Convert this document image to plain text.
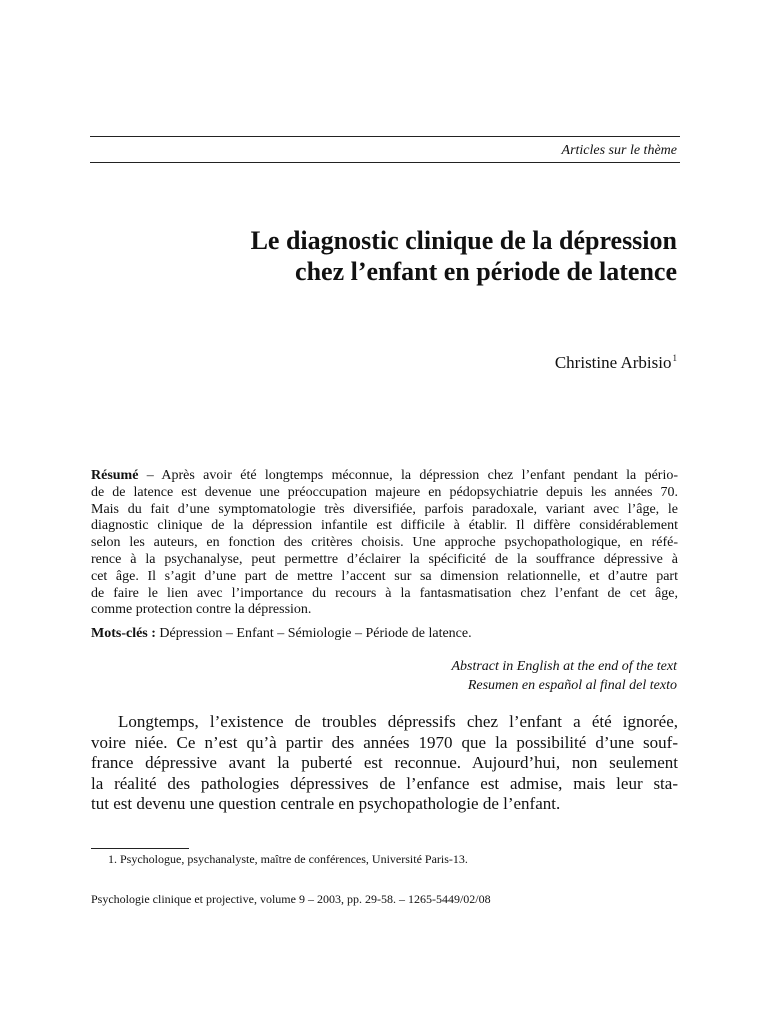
Articles sur le thème
Le diagnostic clinique de la dépression
chez l’enfant en période de latence
Christine Arbisio$^1$
Résumé – Après avoir été longtemps méconnue, la dépression chez l’enfant pendant la pério-
de de latence est devenue une préoccupation majeure en pédopsychiatrie depuis les années 70.
Mais du fait d’une symptomatologie très diversifiée, parfois paradoxale, variant avec l’âge, le
diagnostic clinique de la dépression infantile est difficile à établir. Il diffère considérablement
selon les auteurs, en fonction des critères choisis. Une approche psychopathologique, en réfé-
rence à la psychanalyse, peut permettre d’éclairer la spécificité de la souffrance dépressive à
cet âge. Il s’agit d’une part de mettre l’accent sur sa dimension relationnelle, et d’autre part
de faire le lien avec l’importance du recours à la fantasmatisation chez l’enfant de cet âge,
comme protection contre la dépression.
Mots-clés : Dépression – Enfant – Sémiologie – Période de latence.
Abstract in English at the end of the text
Resumen en español al final del texto
Longtemps, l’existence de troubles dépressifs chez l’enfant a été ignorée,
voire niée. Ce n’est qu’à partir des années 1970 que la possibilité d’une souf-
france dépressive avant la puberté est reconnue. Aujourd’hui, non seulement
la réalité des pathologies dépressives de l’enfance est admise, mais leur sta-
tut est devenu une question centrale en psychopathologie de l’enfant.
1. Psychologue, psychanalyste, maître de conférences, Université Paris-13.
Psychologie clinique et projective, volume 9 – 2003, pp. 29-58. – 1265-5449/02/08
